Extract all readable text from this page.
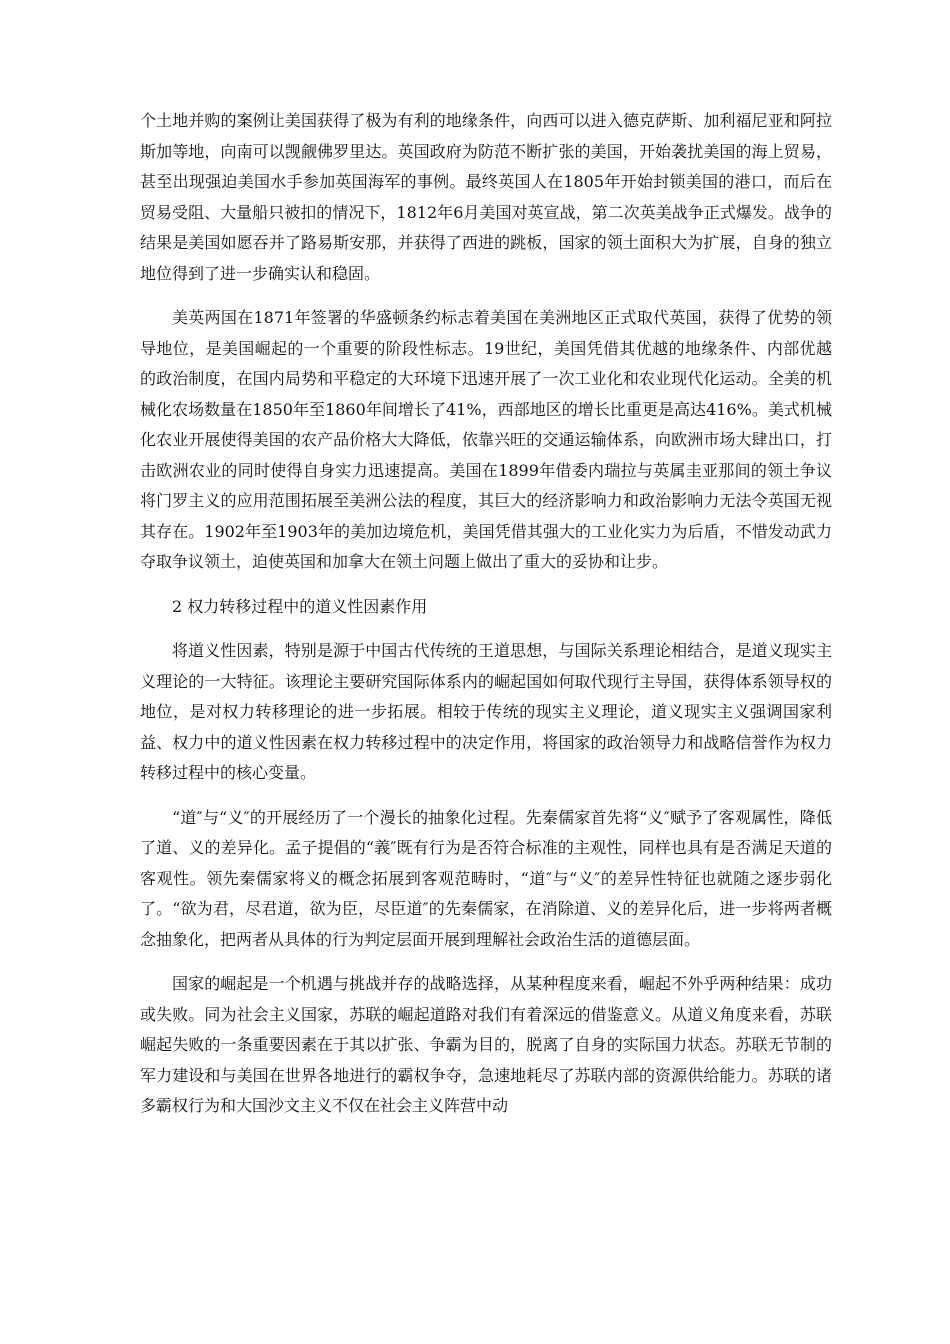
个土地并购的案例让美国获得了极为有利的地缘条件，向西可以进入德克萨斯、加利福尼亚和阿拉斯加等地，向南可以觊觎佛罗里达。英国政府为防范不断扩张的美国，开始袭扰美国的海上贸易，甚至出现强迫美国水手参加英国海军的事例。最终英国人在1805年开始封锁美国的港口，而后在贸易受阻、大量船只被扣的情况下，1812年6月美国对英宣战，第二次英美战争正式爆发。战争的结果是美国如愿吞并了路易斯安那，并获得了西进的跳板，国家的领土面积大为扩展，自身的独立地位得到了进一步确实认和稳固。

美英两国在1871年签署的华盛顿条约标志着美国在美洲地区正式取代英国，获得了优势的领导地位，是美国崛起的一个重要的阶段性标志。19世纪，美国凭借其优越的地缘条件、内部优越的政治制度，在国内局势和平稳定的大环境下迅速开展了一次工业化和农业现代化运动。全美的机械化农场数量在1850年至1860年间增长了41%，西部地区的增长比重更是高达416%。美式机械化农业开展使得美国的农产品价格大大降低，依靠兴旺的交通运输体系，向欧洲市场大肆出口，打击欧洲农业的同时使得自身实力迅速提高。美国在1899年借委内瑞拉与英属圭亚那间的领土争议将门罗主义的应用范围拓展至美洲公法的程度，其巨大的经济影响力和政治影响力无法令英国无视其存在。1902年至1903年的美加边境危机，美国凭借其强大的工业化实力为后盾，不惜发动武力夺取争议领土，迫使英国和加拿大在领土问题上做出了重大的妥协和让步。

2 权力转移过程中的道义性因素作用

将道义性因素，特别是源于中国古代传统的王道思想，与国际关系理论相结合，是道义现实主义理论的一大特征。该理论主要研究国际体系内的崛起国如何取代现行主导国，获得体系领导权的地位，是对权力转移理论的进一步拓展。相较于传统的现实主义理论，道义现实主义强调国家利益、权力中的道义性因素在权力转移过程中的决定作用，将国家的政治领导力和战略信誉作为权力转移过程中的核心变量。

“道″与“义″的开展经历了一个漫长的抽象化过程。先秦儒家首先将“义″赋予了客观属性，降低了道、义的差异化。孟子提倡的“義″既有行为是否符合标准的主观性，同样也具有是否满足天道的客观性。领先秦儒家将义的概念拓展到客观范畴时，“道″与“义″的差异性特征也就随之逐步弱化了。“欲为君，尽君道，欲为臣，尽臣道″的先秦儒家，在消除道、义的差异化后，进一步将两者概念抽象化，把两者从具体的行为判定层面开展到理解社会政治生活的道德层面。

国家的崛起是一个机遇与挑战并存的战略选择，从某种程度来看，崛起不外乎两种结果：成功或失败。同为社会主义国家，苏联的崛起道路对我们有着深远的借鉴意义。从道义角度来看，苏联崛起失败的一条重要因素在于其以扩张、争霸为目的，脱离了自身的实际国力状态。苏联无节制的军力建设和与美国在世界各地进行的霸权争夺，急速地耗尽了苏联内部的资源供给能力。苏联的诸多霸权行为和大国沙文主义不仅在社会主义阵营中动
